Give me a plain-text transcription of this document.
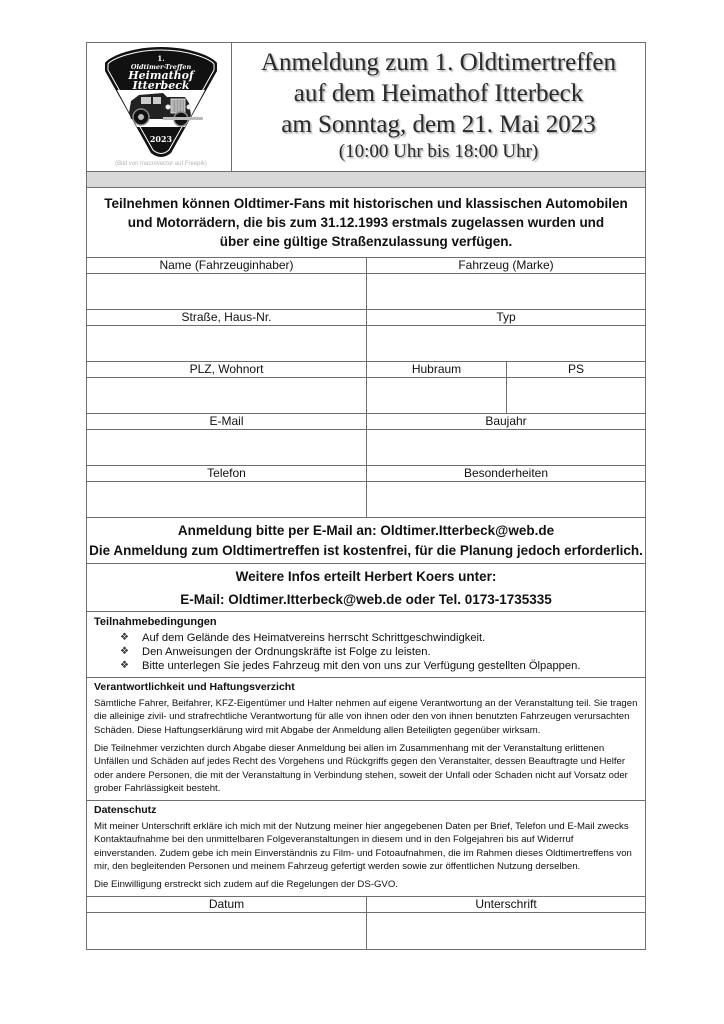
1.
Oldtimer-Treffen
Heimathof
Itterbeck
2023
(Bild von macrovector auf Freepik)
Anmeldung zum 1. Oldtimertreffen
auf dem Heimathof Itterbeck
am Sonntag, dem 21. Mai 2023
(10:00 Uhr bis 18:00 Uhr)
Teilnehmen können Oldtimer-Fans mit historischen und klassischen Automobilen
und Motorrädern, die bis zum 31.12.1993 erstmals zugelassen wurden und
über eine gültige Straßenzulassung verfügen.
Name (Fahrzeuginhaber)	Fahrzeug (Marke)
Straße, Haus-Nr.	Typ
PLZ, Wohnort	Hubraum	PS
E-Mail	Baujahr
Telefon	Besonderheiten
Anmeldung bitte per E-Mail an: Oldtimer.Itterbeck@web.de
Die Anmeldung zum Oldtimertreffen ist kostenfrei, für die Planung jedoch erforderlich.
Weitere Infos erteilt Herbert Koers unter:
E-Mail: Oldtimer.Itterbeck@web.de oder Tel. 0173-1735335
Teilnahmebedingungen
❖	Auf dem Gelände des Heimatvereins herrscht Schrittgeschwindigkeit.
❖	Den Anweisungen der Ordnungskräfte ist Folge zu leisten.
❖	Bitte unterlegen Sie jedes Fahrzeug mit den von uns zur Verfügung gestellten Ölpappen.
Verantwortlichkeit und Haftungsverzicht

Sämtliche Fahrer, Beifahrer, KFZ-Eigentümer und Halter nehmen auf eigene Verantwortung an der Veranstaltung teil. Sie tragen die alleinige zivil- und strafrechtliche Verantwortung für alle von ihnen oder den von ihnen benutzten Fahrzeugen verursachten Schäden. Diese Haftungserklärung wird mit Abgabe der Anmeldung allen Beteiligten gegenüber wirksam.

Die Teilnehmer verzichten durch Abgabe dieser Anmeldung bei allen im Zusammenhang mit der Veranstaltung erlittenen Unfällen und Schäden auf jedes Recht des Vorgehens und Rückgriffs gegen den Veranstalter, dessen Beauftragte und Helfer oder andere Personen, die mit der Veranstaltung in Verbindung stehen, soweit der Unfall oder Schaden nicht auf Vorsatz oder grober Fahrlässigkeit besteht.

Datenschutz

Mit meiner Unterschrift erkläre ich mich mit der Nutzung meiner hier angegebenen Daten per Brief, Telefon und E-Mail zwecks Kontaktaufnahme bei den unmittelbaren Folgeveranstaltungen in diesem und in den Folgejahren bis auf Widerruf einverstanden. Zudem gebe ich mein Einverständnis zu Film- und Fotoaufnahmen, die im Rahmen dieses Oldtimertreffens von mir, den begleitenden Personen und meinem Fahrzeug gefertigt werden sowie zur öffentlichen Nutzung derselben.

Die Einwilligung erstreckt sich zudem auf die Regelungen der DS-GVO.

Datum	Unterschrift
